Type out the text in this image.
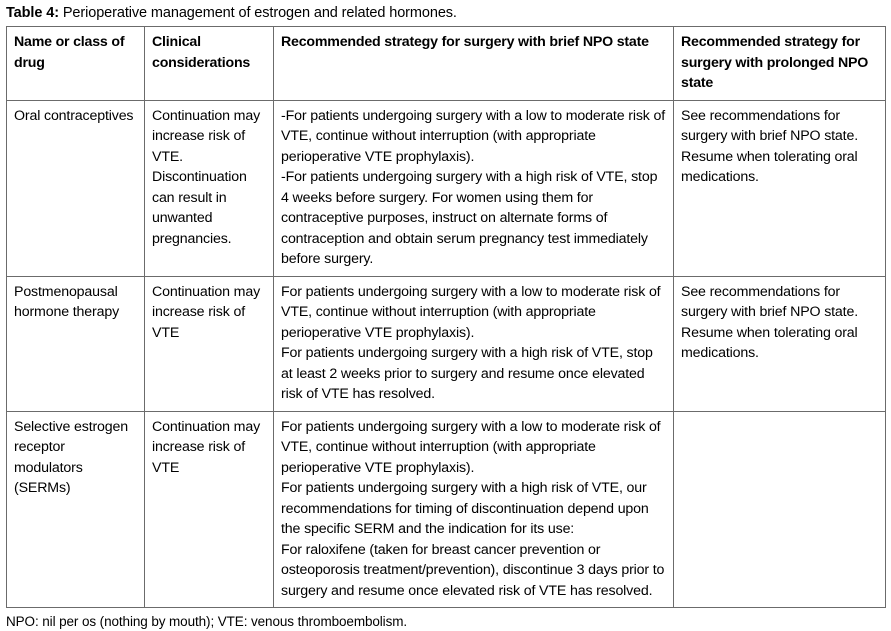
Table 4: Perioperative management of estrogen and related hormones.
Name or class of drug	Clinical considerations	Recommended strategy for surgery with brief NPO state	Recommended strategy for surgery with prolonged NPO state

Oral contraceptives	Continuation may increase risk of VTE. Discontinuation can result in unwanted pregnancies.	-For patients undergoing surgery with a low to moderate risk of VTE, continue without interruption (with appropriate perioperative VTE prophylaxis).
-For patients undergoing surgery with a high risk of VTE, stop 4 weeks before surgery. For women using them for contraceptive purposes, instruct on alternate forms of contraception and obtain serum pregnancy test immediately before surgery.	See recommendations for surgery with brief NPO state.
Resume when tolerating oral medications.

Postmenopausal hormone therapy	Continuation may increase risk of VTE	For patients undergoing surgery with a low to moderate risk of VTE, continue without interruption (with appropriate perioperative VTE prophylaxis).
For patients undergoing surgery with a high risk of VTE, stop at least 2 weeks prior to surgery and resume once elevated risk of VTE has resolved.	See recommendations for surgery with brief NPO state.
Resume when tolerating oral medications.

Selective estrogen receptor modulators (SERMs)	Continuation may increase risk of VTE	For patients undergoing surgery with a low to moderate risk of VTE, continue without interruption (with appropriate perioperative VTE prophylaxis).
For patients undergoing surgery with a high risk of VTE, our recommendations for timing of discontinuation depend upon the specific SERM and the indication for its use:
For raloxifene (taken for breast cancer prevention or osteoporosis treatment/prevention), discontinue 3 days prior to surgery and resume once elevated risk of VTE has resolved.	

NPO: nil per os (nothing by mouth); VTE: venous thromboembolism.
